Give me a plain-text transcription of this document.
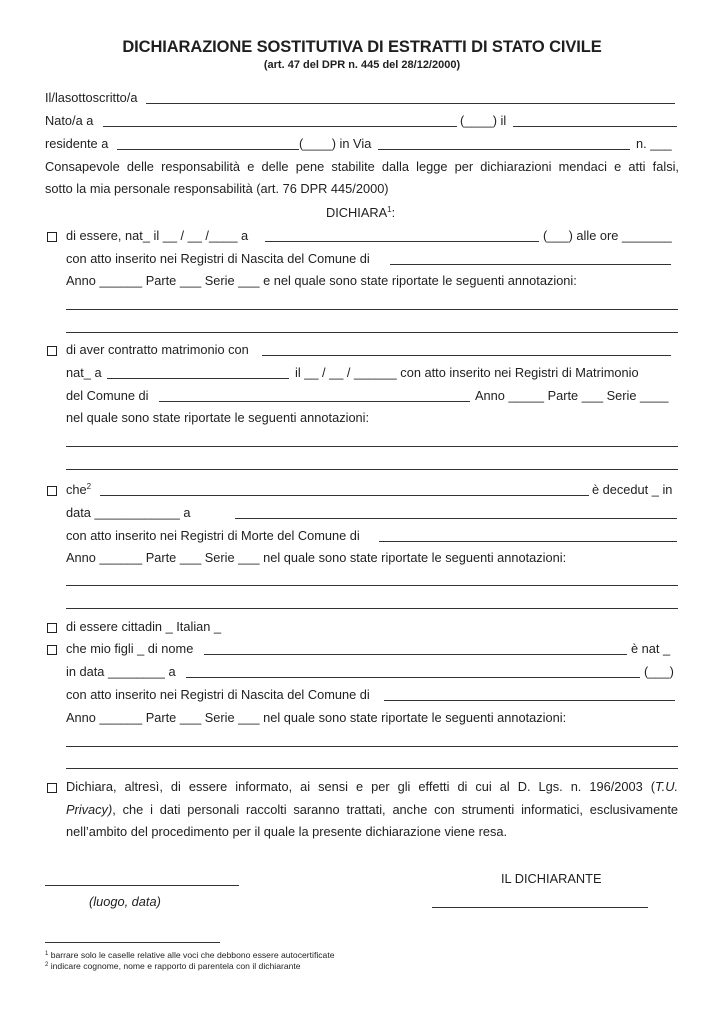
DICHIARAZIONE SOSTITUTIVA DI ESTRATTI DI STATO CIVILE
(art. 47 del DPR n. 445 del 28/12/2000)
Il/lasottoscritto/a
Nato/a a	(____) il
residente a	(____) in Via	n. ___
Consapevole delle responsabilità e delle pene stabilite dalla legge per dichiarazioni mendaci e atti falsi,
sotto la mia personale responsabilità (art. 76 DPR 445/2000)
DICHIARA$^1$:
di essere, nat_ il __ / __ /____ a	(___) alle ore _______
con atto inserito nei Registri di Nascita del Comune di
Anno ______ Parte ___ Serie ___ e nel quale sono state riportate le seguenti annotazioni:
di aver contratto matrimonio con
nat_ a	il __ / __ / ______ con atto inserito nei Registri di Matrimonio
del Comune di	Anno _____ Parte ___ Serie ____
nel quale sono state riportate le seguenti annotazioni:
che$^2$	è decedut _ in
data ____________ a
con atto inserito nei Registri di Morte del Comune di
Anno ______ Parte ___ Serie ___ nel quale sono state riportate le seguenti annotazioni:
di essere cittadin _ Italian _
che mio figli _ di nome	è nat _
in data ________ a	(___)
con atto inserito nei Registri di Nascita del Comune di
Anno ______ Parte ___ Serie ___ nel quale sono state riportate le seguenti annotazioni:
Dichiara, altresì, di essere informato, ai sensi e per gli effetti di cui al D. Lgs. n. 196/2003 (T.U.
Privacy), che i dati personali raccolti saranno trattati, anche con strumenti informatici, esclusivamente
nell’ambito del procedimento per il quale la presente dichiarazione viene resa.
(luogo, data)
IL DICHIARANTE
$^1$ barrare solo le caselle relative alle voci che debbono essere autocertificate
$^2$ indicare cognome, nome e rapporto di parentela con il dichiarante
